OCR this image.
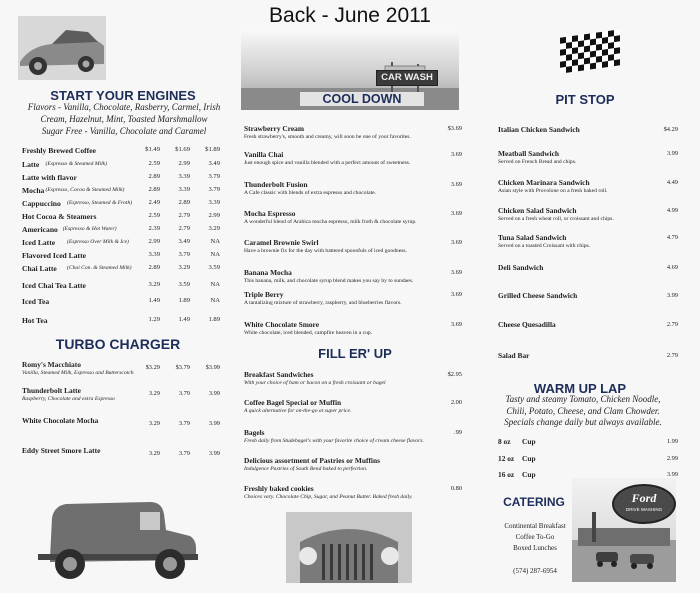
Back - June 2011
START YOUR ENGINES
Flavors - Vanilla, Chocolate, Rasberry, Carmel, Irish Cream, Hazelnut, Mint, Toasted Marshmallow
Sugar Free - Vanilla, Chocolate and Caramel
Freshly Brewed Coffee	$1.49	$1.69	$1.89
Latte (Espresso & Steamed Milk)	2.59	2.99	3.49
Latte with flavor	2.89	3.39	3.79
Mocha (Espresso, Cocoa & Steamed Milk)	2.89	3.39	3.79
Cappuccino (Espresso, Steamed & Froth)	2.49	2.89	3.39
Hot Cocoa & Steamers	2.59	2.79	2.99
Americano (Espresso & Hot Water)	2.39	2.79	3.29
Iced Latte (Espresso Over Milk & Ice)	2.99	3.49	NA
Flavored Iced Latte	3.39	3.79	NA
Chai Latte (Chai Con. & Steamed Milk)	2.89	3.29	3.59
Iced Chai Tea Latte	3.29	3.59	NA
Iced Tea	1.49	1.89	NA
Hot Tea	1.29	1.49	1.89
TURBO CHARGER
Romy's Macchiato
Vanilla, Steamed Milk, Espresso and Butterscotch
$3.29	$3.79	$3.99
Thunderbolt Latte
Raspberry, Chocolate and extra Espresso
3.29	3.79	3.99
White Chocolate Mocha	3.29	3.79	3.99
Eddy Street Smore Latte	3.29	3.79	3.99
CAR WASH
COOL DOWN
Strawberry Cream
Fresh strawberry's, smooth and creamy, will soon be one of your favorites.
$3.69
Vanilla Chai
Just enough spice and vanilla blended with a perfect amount of sweetness.
3.69
Thunderbolt Fusion
A Cafe classic with blends of extra espresso and chocolate.
3.69
Mocha Espresso
A wonderful blend of Arabica mocha espresso, milk froth & chocolate syrup.
3.69
Caramel Brownie Swirl
Have a brownie fix for the day with battered spoonfuls of iced goodness.
3.69
Banana Mocha
This banana, milk, and chocolate syrup blend makes you say by to sundaes.
3.69
Triple Berry
A tantalizing mixture of strawberry, raspberry, and blueberries flavors.
3.69
White Chocolate Smore
White chocolate, iced blended, campfire heaven in a cup.
3.69
FILL ER' UP
Breakfast Sandwiches
With your choice of ham or bacon on a fresh croissant or bagel
$2.95
Coffee Bagel Special or Muffin
A quick alternative for on-the-go at super price.
2.00
Bagels
Fresh daily from Studebagel's with your favorite choice of cream cheese flavors.
.99
Delicious assortment of Pastries or Muffins
Indulgence Pastries of South Bend baked to perfection.
Freshly baked cookies
Choices vary. Chocolate Chip, Sugar, and Peanut Butter. Baked fresh daily.
0.80
PIT STOP
Italian Chicken Sandwich	$4.29
Meatball Sandwich
Served on French Bread and chips.
3.99
Chicken Marinara Sandwich
Asian style with Provolone on a fresh baked roll.
4.49
Chicken Salad Sandwich
Served on a fresh wheat roll, or croissant and chips.
4.99
Tuna Salad Sandwich
Served on a toasted Croissant with chips.
4.79
Deli Sandwich	4.69
Grilled Cheese Sandwich	3.99
Cheese Quesadilla	2.79
Salad Bar	2.79
WARM UP LAP
Tasty and steamy Tomato, Chicken Noodle, Chili, Potato, Cheese, and Clam Chowder. Specials change daily but always available.
8 oz Cup	1.99
12 oz Cup	2.99
16 oz Cup	3.99
CATERING
Continental Breakfast
Coffee To-Go
Boxed Lunches
(574) 287-6954
Ford
DRIVE WASHING
